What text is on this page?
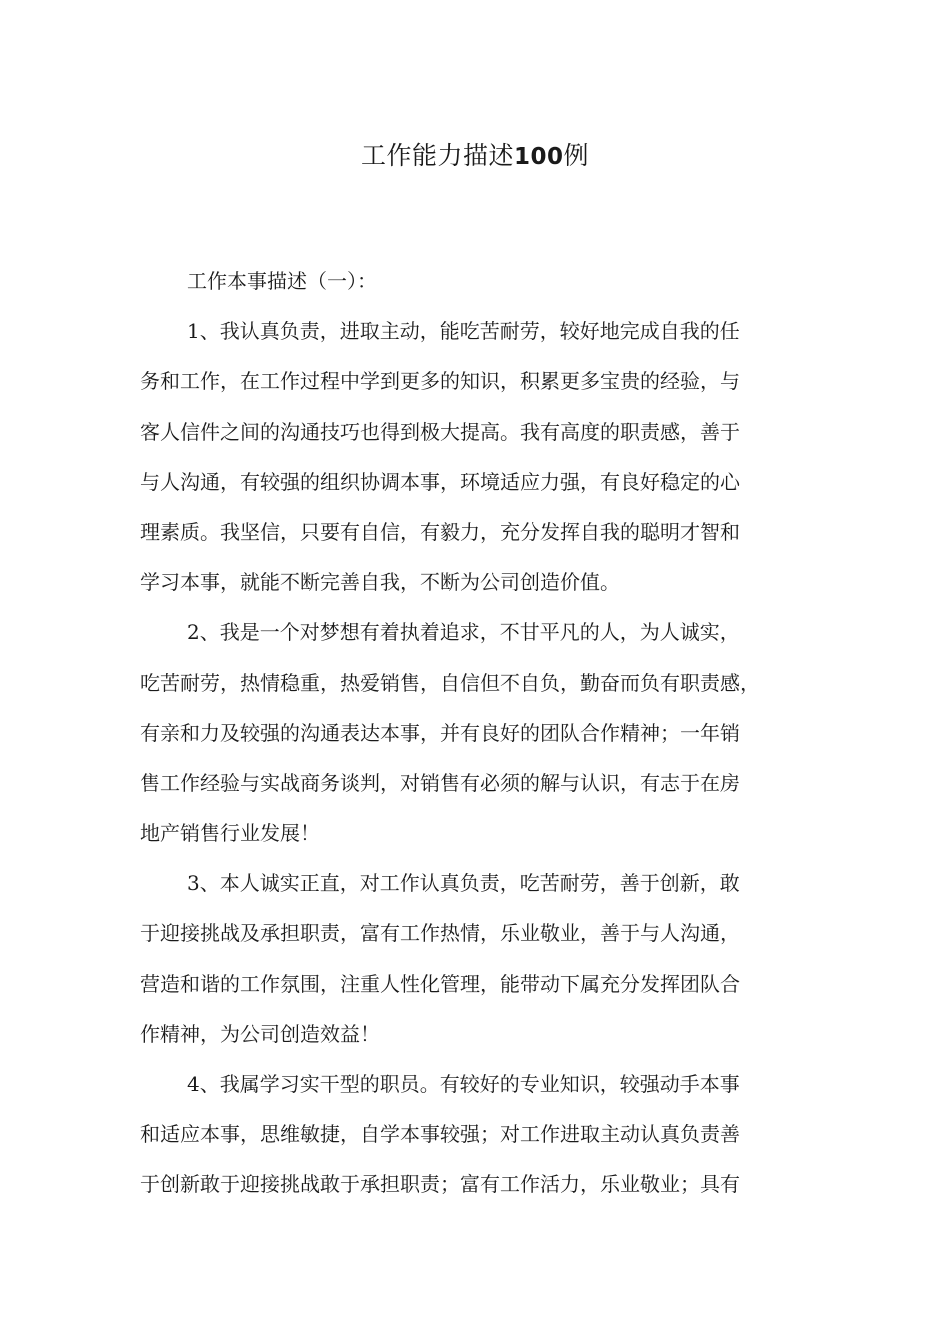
工作能力描述100例
工作本事描述（一）：
1、我认真负责，进取主动，能吃苦耐劳，较好地完成自我的任
务和工作，在工作过程中学到更多的知识，积累更多宝贵的经验，与
客人信件之间的沟通技巧也得到极大提高。我有高度的职责感，善于
与人沟通，有较强的组织协调本事，环境适应力强，有良好稳定的心
理素质。我坚信，只要有自信，有毅力，充分发挥自我的聪明才智和
学习本事，就能不断完善自我，不断为公司创造价值。
2、我是一个对梦想有着执着追求，不甘平凡的人，为人诚实，
吃苦耐劳，热情稳重，热爱销售，自信但不自负，勤奋而负有职责感，
有亲和力及较强的沟通表达本事，并有良好的团队合作精神；一年销
售工作经验与实战商务谈判，对销售有必须的解与认识，有志于在房
地产销售行业发展！
3、本人诚实正直，对工作认真负责，吃苦耐劳，善于创新，敢
于迎接挑战及承担职责，富有工作热情，乐业敬业，善于与人沟通，
营造和谐的工作氛围，注重人性化管理，能带动下属充分发挥团队合
作精神，为公司创造效益！
4、我属学习实干型的职员。有较好的专业知识，较强动手本事
和适应本事，思维敏捷，自学本事较强；对工作进取主动认真负责善
于创新敢于迎接挑战敢于承担职责；富有工作活力，乐业敬业；具有
